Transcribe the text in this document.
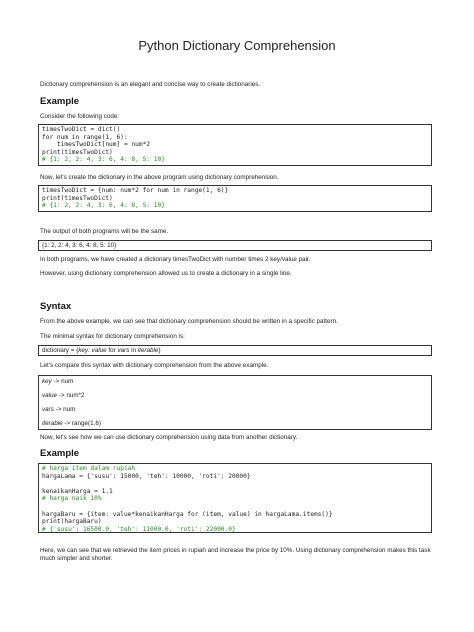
Python Dictionary Comprehension
Dictionary comprehension is an elegant and concise way to create dictionaries.
Example
Consider the following code:
timesTwoDict = dict()
for num in range(1, 6):
timesTwoDict[num] = num*2
print(timesTwoDict)
# {1: 2, 2: 4, 3: 6, 4: 8, 5: 10}
Now, let's create the dictionary in the above program using dictionary comprehension.
timesTwoDict = {num: num*2 for num in range(1, 6)}
print(timesTwoDict)
# {1: 2, 2: 4, 3: 6, 4: 8, 5: 10}
The output of both programs will be the same.
{1: 2, 2: 4, 3: 6, 4: 8, 5: 10}
In both programs, we have created a dictionary timesTwoDict with number times 2 key/value pair.
However, using dictionary comprehension allowed us to create a dictionary in a single line.
Syntax
From the above example, we can see that dictionary comprehension should be written in a specific pattern.
The minimal syntax for dictionary comprehension is:
dictionary = {key: value for vars in iterable}
Let's compare this syntax with dictionary comprehension from the above example.
key -> num
value -> num*2
vars -> num
iterable -> range(1,6)
Now, let's see how we can use dictionary comprehension using data from another dictionary.
Example
# harga item dalam rupiah
hargaLama = {'susu': 15000, 'teh': 10000, 'roti': 20000}

kenaikanHarga = 1.1
# harga naik 10%

hargaBaru = {item: value*kenaikanHarga for (item, value) in hargaLama.items()}
print(hargaBaru)
# {'susu': 16500.0, 'teh': 11000.0, 'roti': 22000.0}
Here, we can see that we retrieved the item prices in rupiah and increase the price by 10%. Using dictionary comprehension makes this task much simpler and shorter.
